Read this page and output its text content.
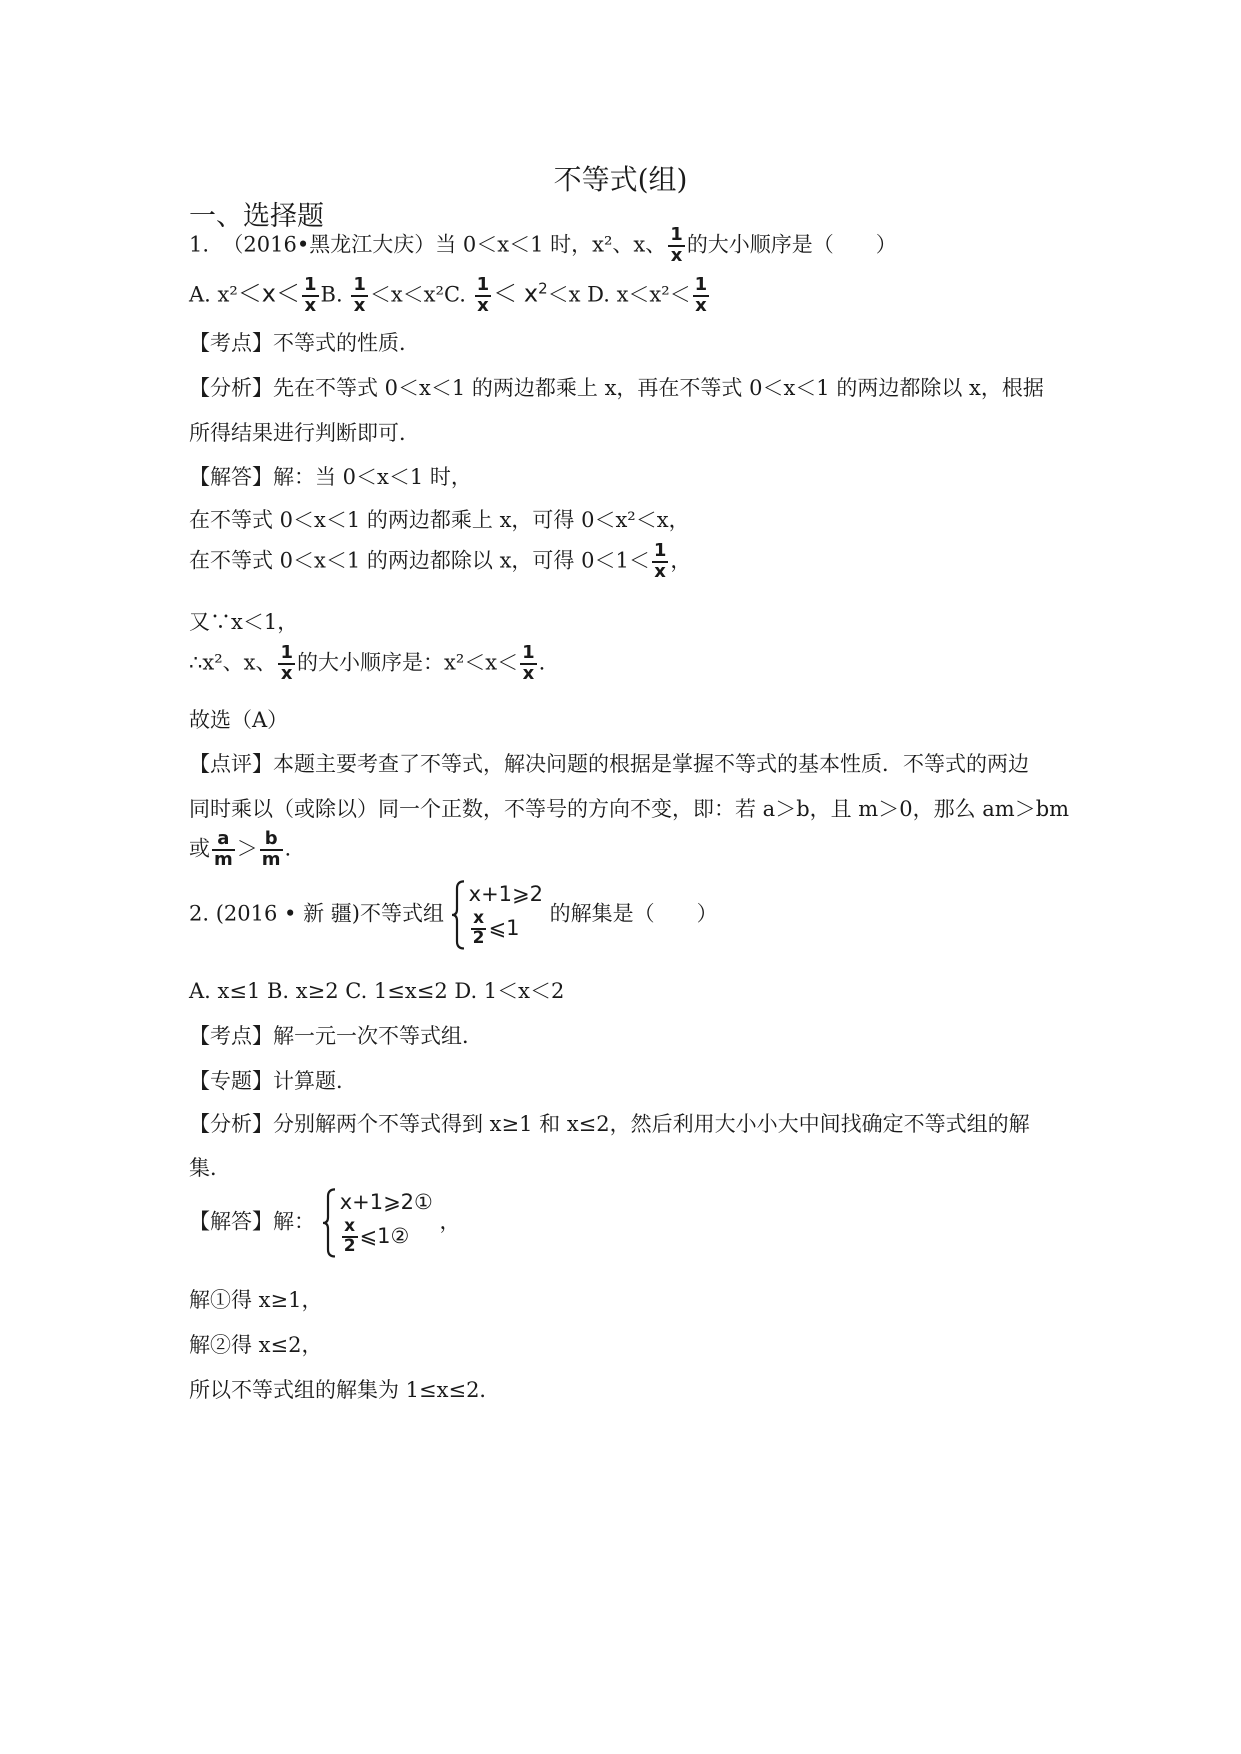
不等式(组)
一、选择题
1. （2016•黑龙江大庆）当 0＜x＜1 时，x²、x、 $\frac{1}{x}$ 的大小顺序是（　　）
A. $x^2<x< \frac{1}{x} B$. $\frac{1}{x} <x<x^2C$. $\frac{1}{x} < x^2<x$ D. $x<x^2< \frac{1}{x}$
【考点】不等式的性质．
【分析】先在不等式 0＜x＜1 的两边都乘上 x，再在不等式 0＜x＜1 的两边都除以 x，根据
所得结果进行判断即可．
【解答】解：当 0＜x＜1 时，
在不等式 0＜x＜1 的两边都乘上 x，可得 0＜x²＜x，
在不等式 0＜x＜1 的两边都除以 x，可得 $0<1< \frac{1}{x}$ ，
又∵x＜1，
∴x²、x、 $\frac{1}{x}$ 的大小顺序是：$x^2<x< \frac{1}{x}$ .
故选（A）
【点评】本题主要考查了不等式，解决问题的根据是掌握不等式的基本性质．不等式的两边
同时乘以（或除以）同一个正数，不等号的方向不变，即：若 a＞b，且 m＞0，那么 am＞bm
或 $\frac{a}{m} > \frac{b}{m}$ .
2. (2016 • 新 疆)不等式组
x+1⩾2
$\frac{x}{2}$ ⩽1
的解集是（　　）
A. x≤1 B. x≥2 C. 1≤x≤2 D. 1＜x＜2
【考点】解一元一次不等式组．
【专题】计算题．
【分析】分别解两个不等式得到 x≥1 和 x≤2，然后利用大小小大中间找确定不等式组的解
集．
【解答】解：
x+1⩾2①
$\frac{x}{2}$ ⩽1②
，
解①得 x≥1，
解②得 x≤2，
所以不等式组的解集为 1≤x≤2．
